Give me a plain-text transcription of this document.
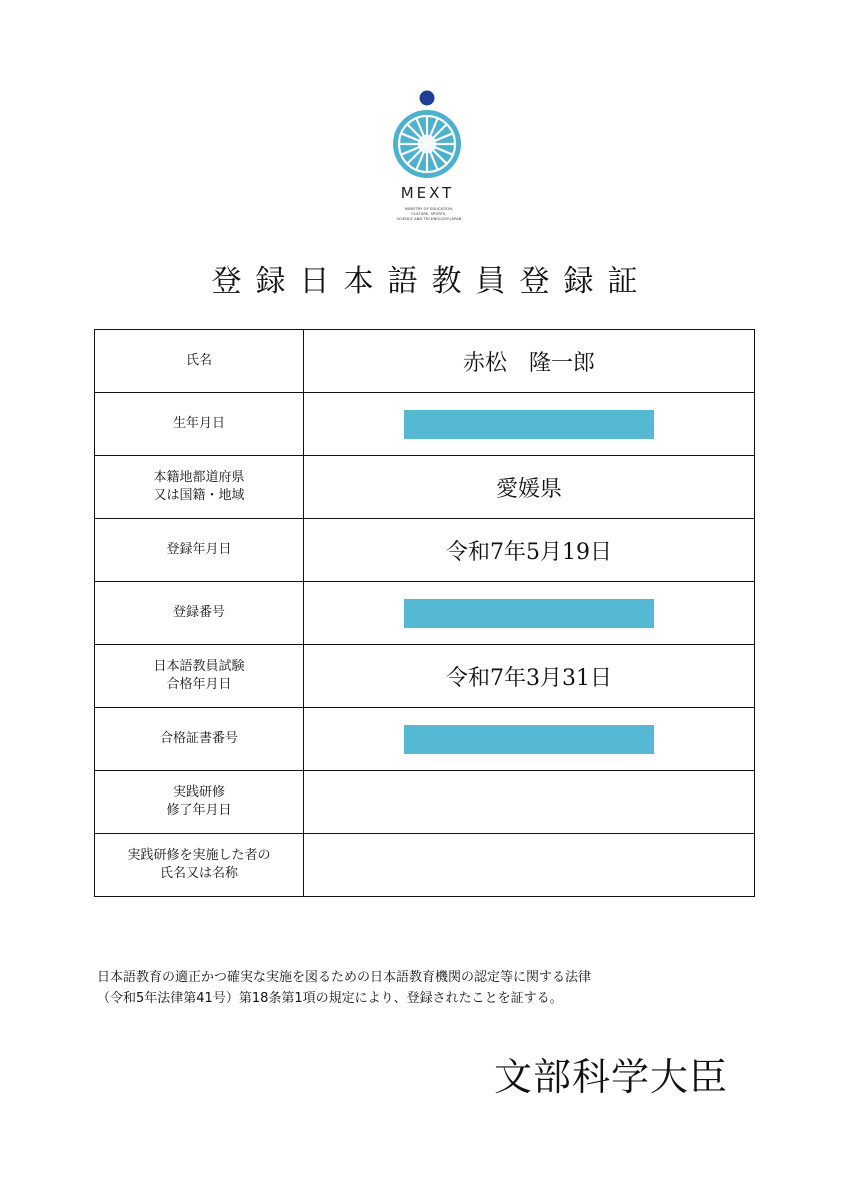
MEXT
MINISTRY OF EDUCATION,
CULTURE, SPORTS,
SCIENCE AND TECHNOLOGY-JAPAN
登録日本語教員登録証
氏名	赤松　隆一郎

生年月日	

本籍地都道府県
又は国籍・地域	愛媛県

登録年月日	令和7年5月19日

登録番号	

日本語教員試験
合格年月日	令和7年3月31日

合格証書番号	

実践研修
修了年月日	

実践研修を実施した者の
氏名又は名称	

日本語教育の適正かつ確実な実施を図るための日本語教育機関の認定等に関する法律
（令和5年法律第41号）第18条第1項の規定により、登録されたことを証する。
文部科学大臣
